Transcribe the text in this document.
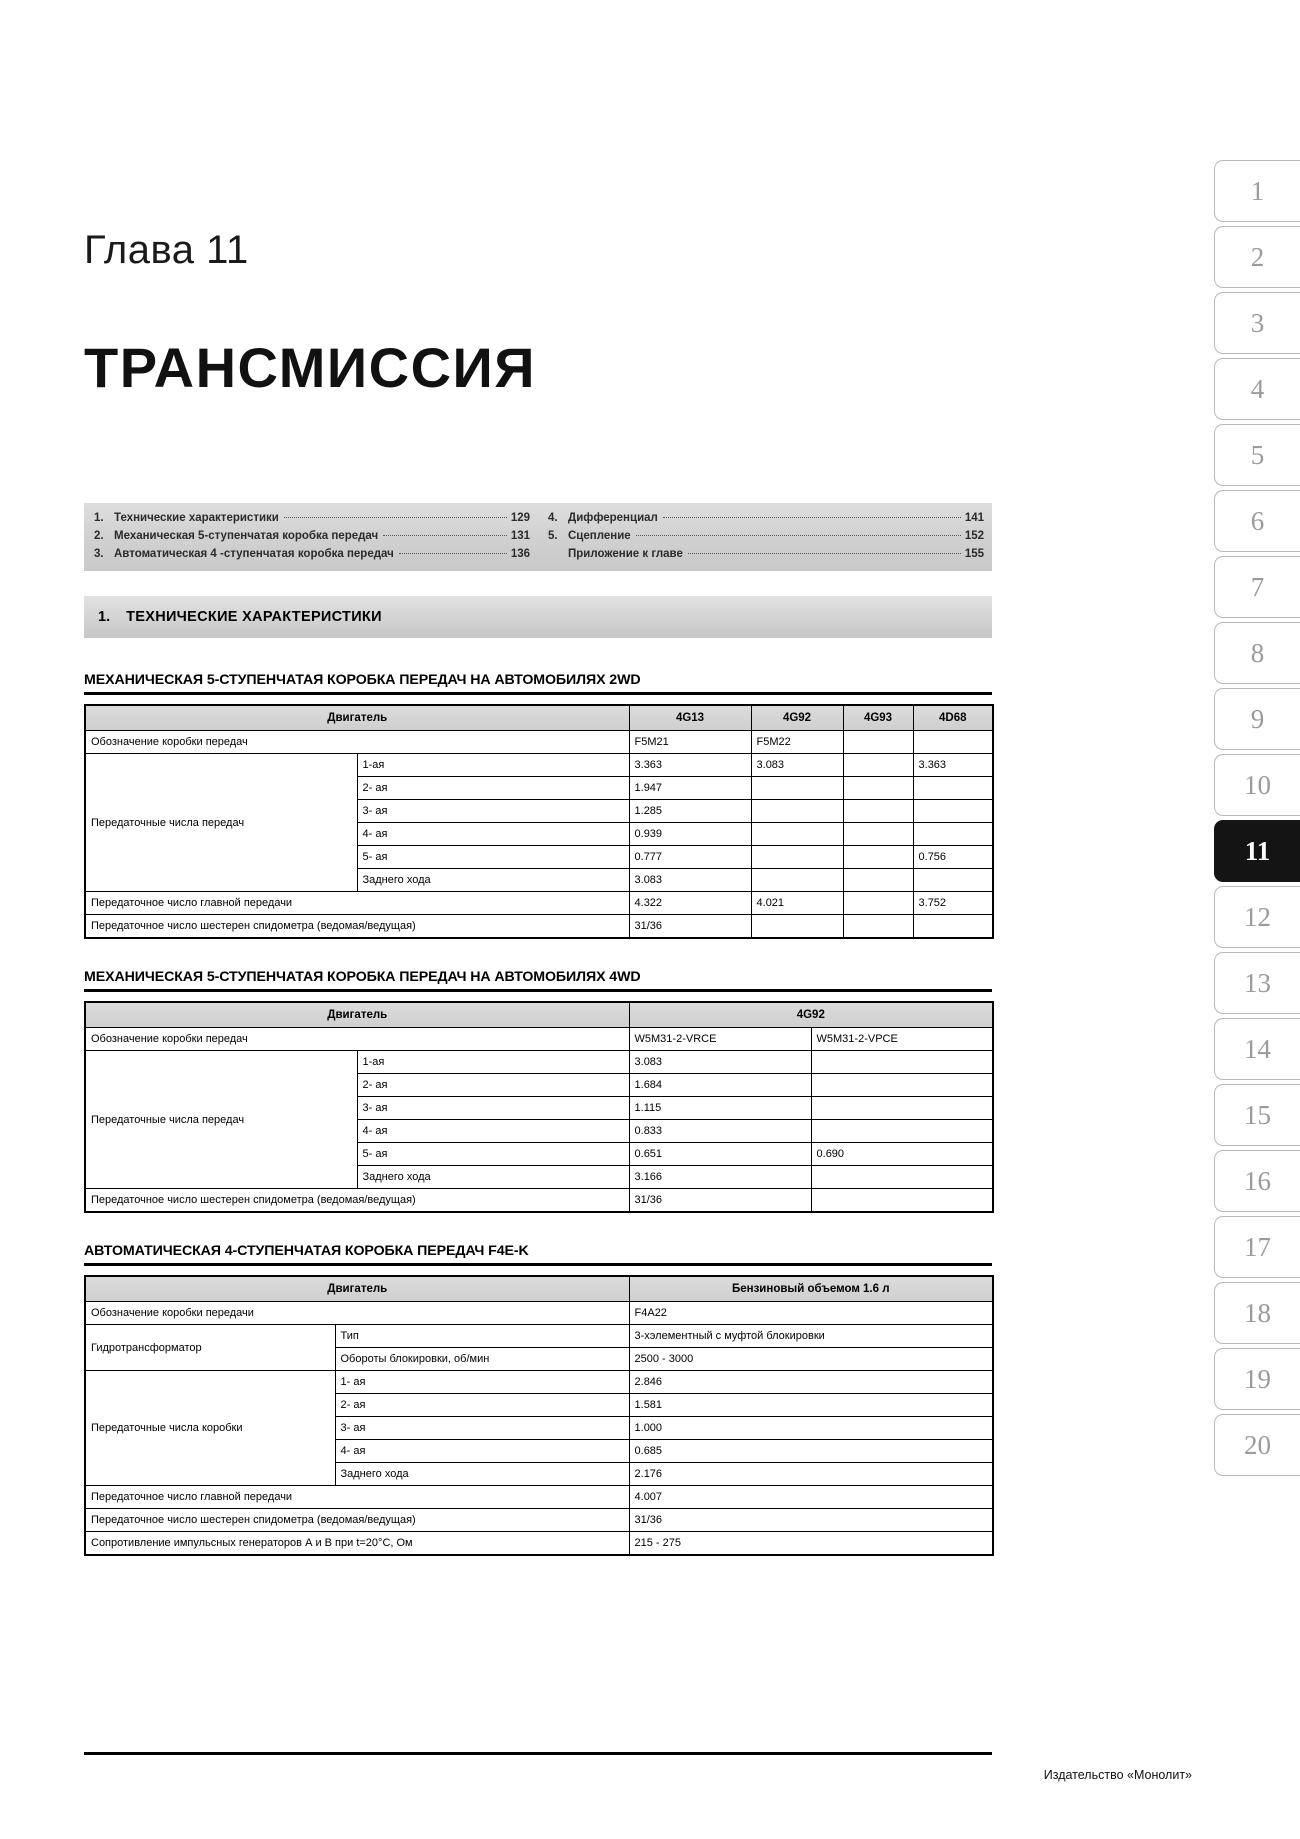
Глава 11
ТРАНСМИССИЯ
1. Технические характеристики	129
2. Механическая 5-ступенчатая коробка передач	131
3. Автоматическая 4 -ступенчатая коробка передач	136
4. Дифференциал	141
5. Сцепление	152
Приложение к главе	155
1.	ТЕХНИЧЕСКИЕ ХАРАКТЕРИСТИКИ
МЕХАНИЧЕСКАЯ 5-СТУПЕНЧАТАЯ КОРОБКА ПЕРЕДАЧ НА АВТОМОБИЛЯХ 2WD
Двигатель		4G13	4G92	4G93	4D68
Обозначение коробки передач		F5M21	F5M22		
Передаточные числа передач	1-ая	3.363	3.083		3.363
	2- ая	1.947			
	3- ая	1.285			
	4- ая	0.939			
	5- ая	0.777			0.756
	Заднего хода	3.083			
Передаточное число главной передачи		4.322	4.021		3.752
Передаточное число шестерен спидометра (ведомая/ведущая)		31/36			
МЕХАНИЧЕСКАЯ 5-СТУПЕНЧАТАЯ КОРОБКА ПЕРЕДАЧ НА АВТОМОБИЛЯХ 4WD
Двигатель		4G92	
Обозначение коробки передач		W5M31-2-VRCE	W5M31-2-VPCE
Передаточные числа передач	1-ая	3.083	
	2- ая	1.684	
	3- ая	1.115	
	4- ая	0.833	
	5- ая	0.651	0.690
	Заднего хода	3.166	
Передаточное число шестерен спидометра (ведомая/ведущая)		31/36	
АВТОМАТИЧЕСКАЯ 4-СТУПЕНЧАТАЯ КОРОБКА ПЕРЕДАЧ F4E-K
Двигатель		Бензиновый объемом 1.6 л
Обозначение коробки передачи		F4A22
Гидротрансформатор	Тип	3-хэлементный с муфтой блокировки
	Обороты блокировки, об/мин	2500 - 3000
Передаточные числа коробки	1- ая	2.846
	2- ая	1.581
	3- ая	1.000
	4- ая	0.685
	Заднего хода	2.176
Передаточное число главной передачи		4.007
Передаточное число шестерен спидометра (ведомая/ведущая)		31/36
Сопротивление импульсных генераторов А и В при t=20°С, Ом		215 - 275
Издательство «Монолит»
1
2
3
4
5
6
7
8
9
10
11
12
13
14
15
16
17
18
19
20
